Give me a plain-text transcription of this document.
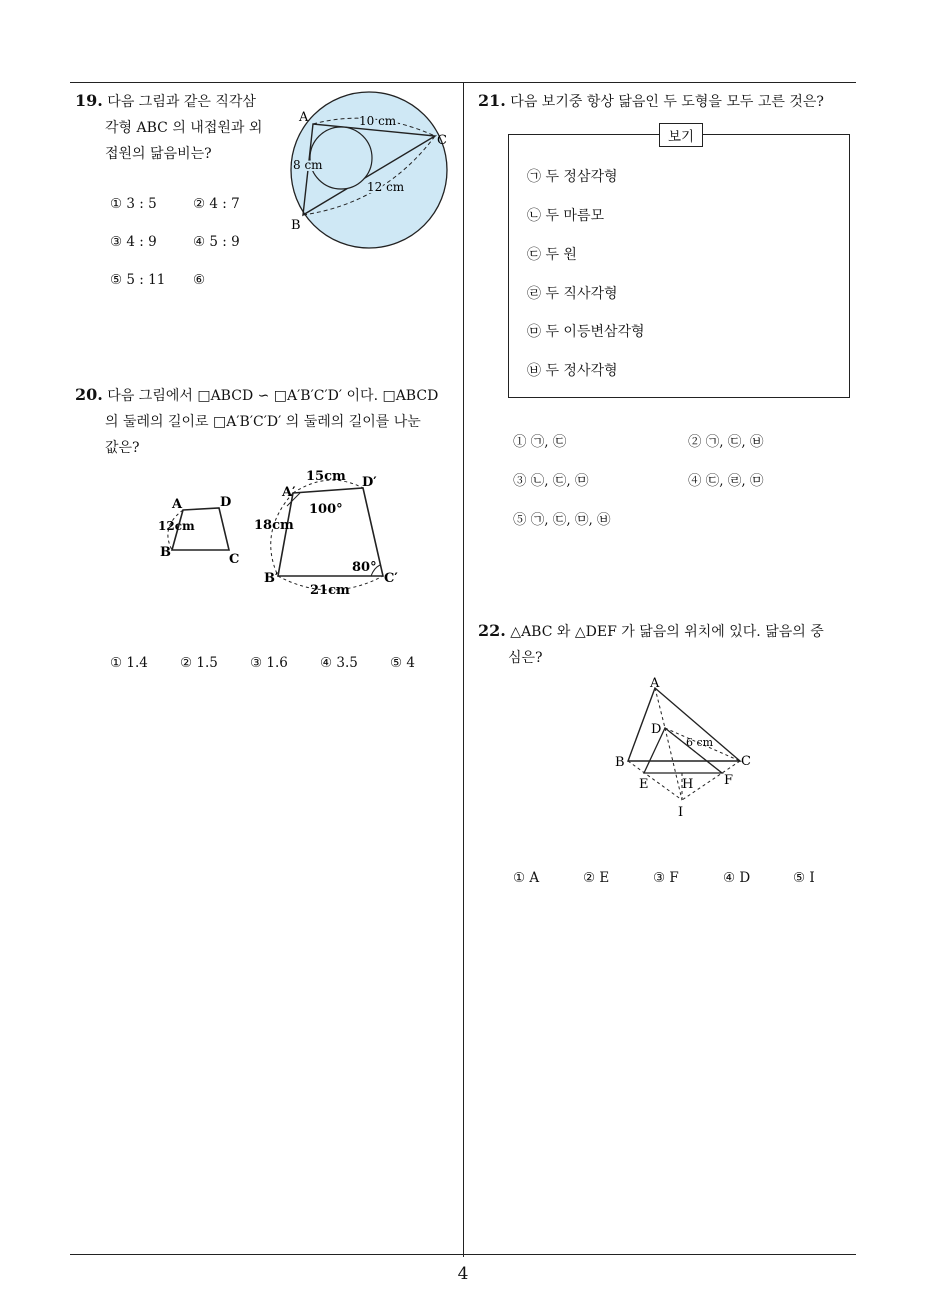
19. 다음 그림과 같은 직각삼
각형 ABC 의 내접원과 외
접원의 닮음비는?
A
B
C
10 cm
8 cm
12 cm
① 3 : 5	② 4 : 7
③ 4 : 9	④ 5 : 9
⑤ 5 : 11 ⑥
20. 다음 그림에서 □ABCD ∽ □A′B′C′D′ 이다. □ABCD
의 둘레의 길이로 □A′B′C′D′ 의 둘레의 길이를 나눈
값은?
A	D
B	C
12cm
A′
D′
B′	C′
15cm
18cm
21cm
100°
80°
① 1.4 ② 1.5 ③ 1.6 ④ 3.5 ⑤ 4
21. 다음 보기중 항상 닮음인 두 도형을 모두 고른 것은?
보기
㉠ 두 정삼각형
㉡ 두 마름모
㉢ 두 원
㉣ 두 직사각형
㉤ 두 이등변삼각형
㉥ 두 정사각형
① ㉠, ㉢	② ㉠, ㉢, ㉥
③ ㉡, ㉢, ㉤	④ ㉢, ㉣, ㉤
⑤ ㉠, ㉢, ㉤, ㉥
22. △ABC 와 △DEF 가 닮음의 위치에 있다. 닮음의 중
심은?
A
D
6 cm
B	C
E	H F
I
① A	② E	③ F	④ D	⑤ I
4
